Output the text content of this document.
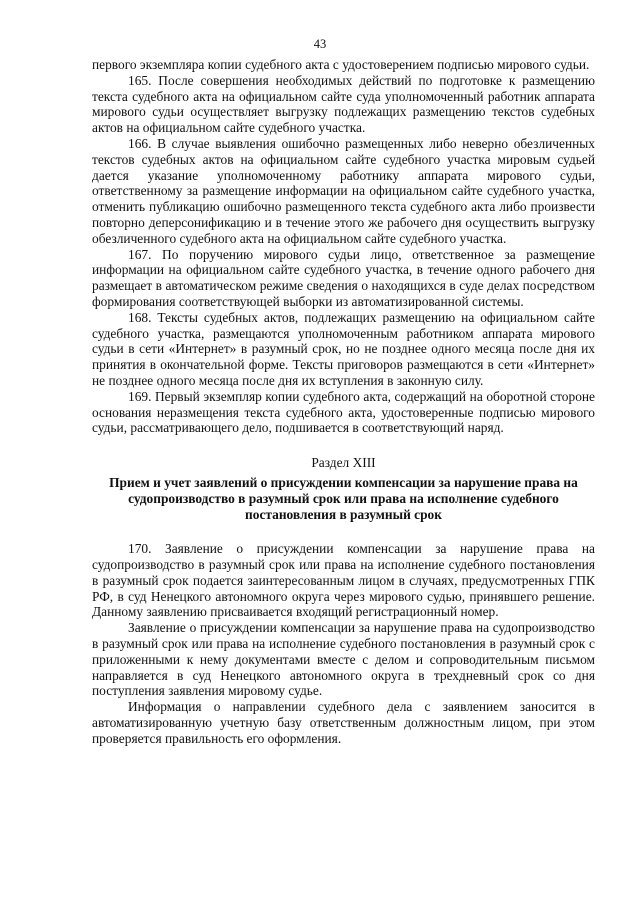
43

первого экземпляра копии судебного акта с удостоверением подписью мирового судьи.

165. После совершения необходимых действий по подготовке к размещению текста судебного акта на официальном сайте суда уполномоченный работник аппарата мирового судьи осуществляет выгрузку подлежащих размещению текстов судебных актов на официальном сайте судебного участка.

166. В случае выявления ошибочно размещенных либо неверно обезличенных текстов судебных актов на официальном сайте судебного участка мировым судьей дается указание уполномоченному работнику аппарата мирового судьи, ответственному за размещение информации на официальном сайте судебного участка, отменить публикацию ошибочно размещенного текста судебного акта либо произвести повторно деперсонификацию и в течение этого же рабочего дня осуществить выгрузку обезличенного судебного акта на официальном сайте судебного участка.

167. По поручению мирового судьи лицо, ответственное за размещение информации на официальном сайте судебного участка, в течение одного рабочего дня размещает в автоматическом режиме сведения о находящихся в суде делах посредством формирования соответствующей выборки из автоматизированной системы.

168. Тексты судебных актов, подлежащих размещению на официальном сайте судебного участка, размещаются уполномоченным работником аппарата мирового судьи в сети «Интернет» в разумный срок, но не позднее одного месяца после дня их принятия в окончательной форме. Тексты приговоров размещаются в сети «Интернет» не позднее одного месяца после дня их вступления в законную силу.

169. Первый экземпляр копии судебного акта, содержащий на оборотной стороне основания неразмещения текста судебного акта, удостоверенные подписью мирового судьи, рассматривающего дело, подшивается в соответствующий наряд.

Раздел XIII
Прием и учет заявлений о присуждении компенсации за нарушение права на судопроизводство в разумный срок или права на исполнение судебного постановления в разумный срок

170. Заявление о присуждении компенсации за нарушение права на судопроизводство в разумный срок или права на исполнение судебного постановления в разумный срок подается заинтересованным лицом в случаях, предусмотренных ГПК РФ, в суд Ненецкого автономного округа через мирового судью, принявшего решение. Данному заявлению присваивается входящий регистрационный номер.

Заявление о присуждении компенсации за нарушение права на судопроизводство в разумный срок или права на исполнение судебного постановления в разумный срок с приложенными к нему документами вместе с делом и сопроводительным письмом направляется в суд Ненецкого автономного округа в трехдневный срок со дня поступления заявления мировому судье.

Информация о направлении судебного дела с заявлением заносится в автоматизированную учетную базу ответственным должностным лицом, при этом проверяется правильность его оформления.
